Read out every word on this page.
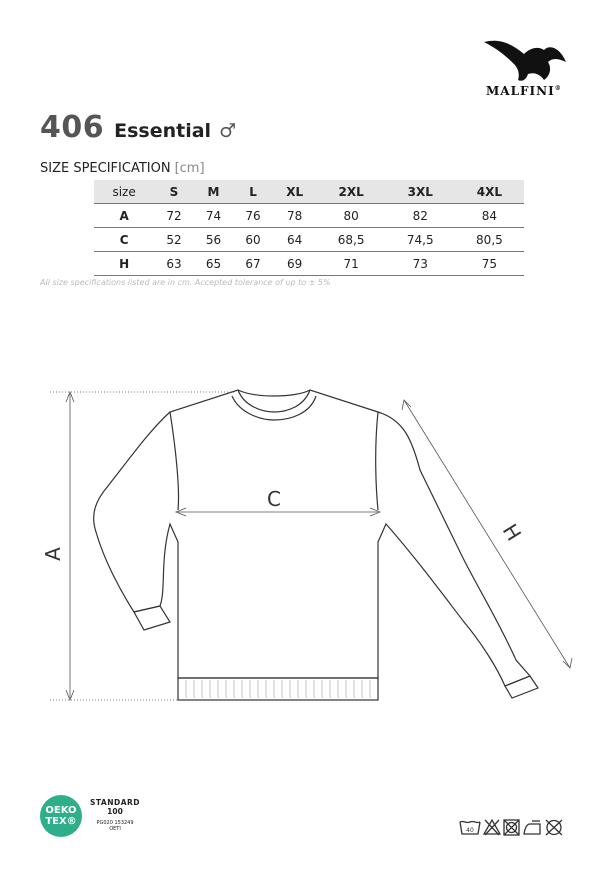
MALFINI®
406 Essential ♂
SIZE SPECIFICATION [cm]
size	S	M	L	XL	2XL	3XL	4XL
A	72	74	76	78	80	82	84
C	52	56	60	64	68,5	74,5	80,5
H	63	65	67	69	71	73	75
All size specifications listed are in cm. Accepted tolerance of up to ± 5%
A
C
H
OEKO
TEX®
STANDARD
100
PG020 153249
OETI	40
